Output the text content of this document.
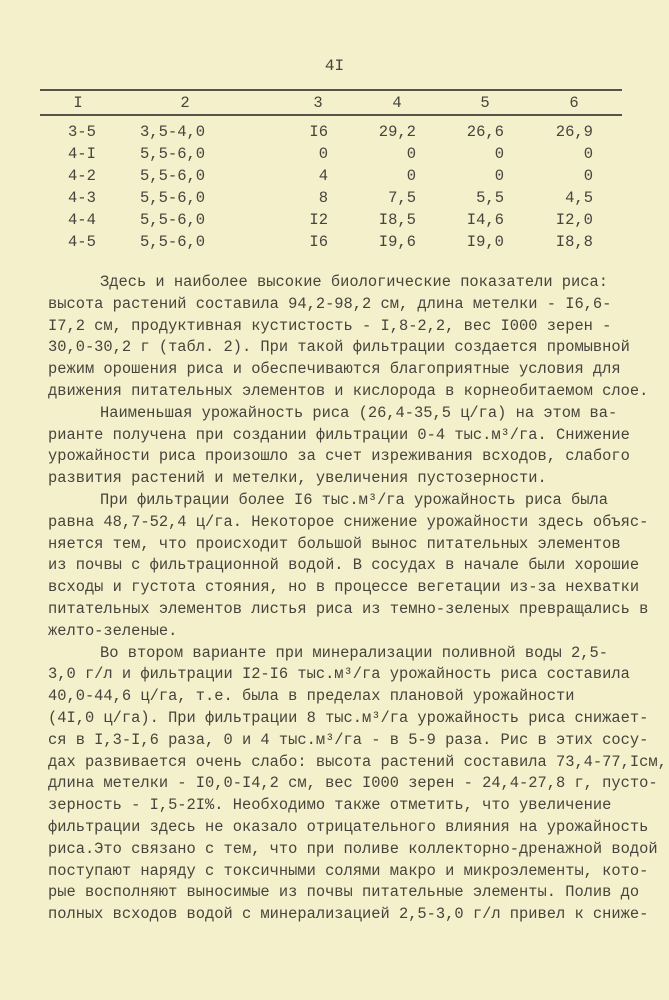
4I
I	2	3	4	5	6
3-5	3,5-4,0	I6	29,2	26,6	26,9
4-I	5,5-6,0	0	0	0	0
4-2	5,5-6,0	4	0	0	0
4-3	5,5-6,0	8	7,5	5,5	4,5
4-4	5,5-6,0	I2	I8,5	I4,6	I2,0
4-5	5,5-6,0	I6	I9,6	I9,0	I8,8
Здесь и наиболее высокие биологические показатели риса:
высота растений составила 94,2-98,2 см, длина метелки - I6,6-
I7,2 см, продуктивная кустистость - I,8-2,2, вес I000 зерен -
30,0-30,2 г (табл. 2). При такой фильтрации создается промывной
режим орошения риса и обеспечиваются благоприятные условия для
движения питательных элементов и кислорода в корнеобитаемом слое.
Наименьшая урожайность риса (26,4-35,5 ц/га) на этом ва-
рианте получена при создании фильтрации 0-4 тыс.м³/га. Снижение
урожайности риса произошло за счет изреживания всходов, слабого
развития растений и метелки, увеличения пустозерности.
При фильтрации более I6 тыс.м³/га урожайность риса была
равна 48,7-52,4 ц/га. Некоторое снижение урожайности здесь объяс-
няется тем, что происходит большой вынос питательных элементов
из почвы с фильтрационной водой. В сосудах в начале были хорошие
всходы и густота стояния, но в процессе вегетации из-за нехватки
питательных элементов листья риса из темно-зеленых превращались в
желто-зеленые.
Во втором варианте при минерализации поливной воды 2,5-
3,0 г/л и фильтрации I2-I6 тыс.м³/га урожайность риса составила
40,0-44,6 ц/га, т.е. была в пределах плановой урожайности
(4I,0 ц/га). При фильтрации 8 тыс.м³/га урожайность риса снижает-
ся в I,3-I,6 раза, 0 и 4 тыс.м³/га - в 5-9 раза. Рис в этих сосу-
дах развивается очень слабо: высота растений составила 73,4-77,Iсм,
длина метелки - I0,0-I4,2 см, вес I000 зерен - 24,4-27,8 г, пусто-
зерность - I,5-2I%. Необходимо также отметить, что увеличение
фильтрации здесь не оказало отрицательного влияния на урожайность
риса.Это связано с тем, что при поливе коллекторно-дренажной водой
поступают наряду с токсичными солями макро и микроэлементы, кото-
рые восполняют выносимые из почвы питательные элементы. Полив до
полных всходов водой с минерализацией 2,5-3,0 г/л привел к сниже-
